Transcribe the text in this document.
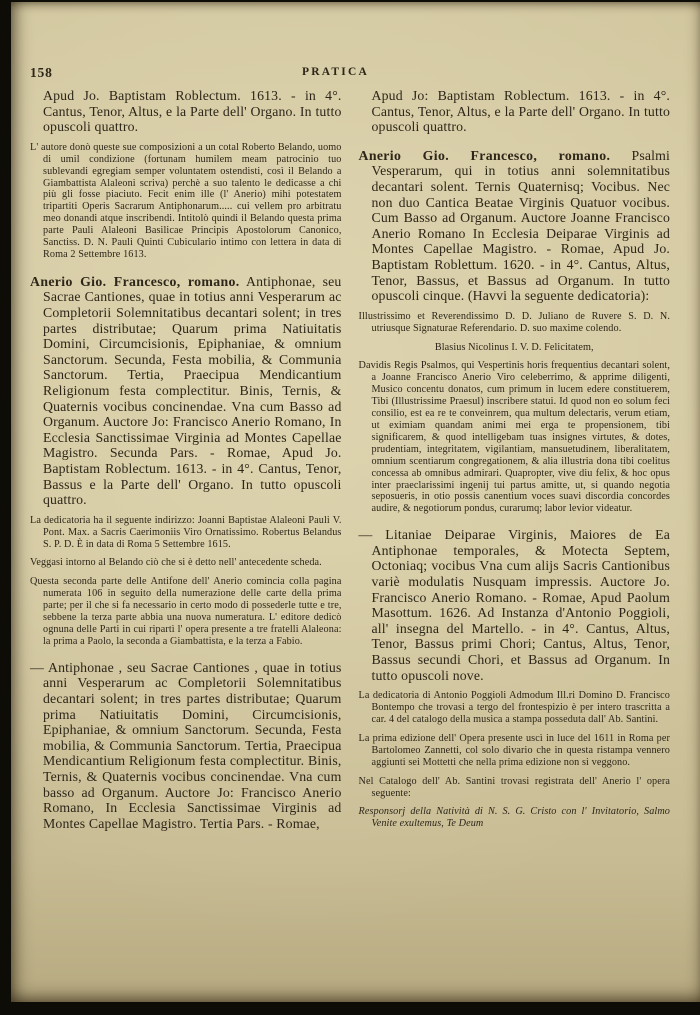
158	PRATICA

Apud Jo. Baptistam Roblectum. 1613. - in 4°. Cantus, Tenor, Altus, e la Parte dell' Organo. In tutto opuscoli quattro.

L' autore donò queste sue composizioni a un cotal Roberto Belando, uomo di umil condizione (fortunam humilem meam patrocinio tuo sublevandi egregiam semper voluntatem ostendisti, così il Belando a Giambattista Alaleoni scriva) perchè a suo talento le dedicasse a chi più gli fosse piaciuto. Fecit enim ille (l' Anerio) mihi potestatem tripartiti Operis Sacrarum Antiphonarum..... cui vellem pro arbitratu meo donandi atque inscribendi. Intitolò quindi il Belando questa prima parte Pauli Alaleoni Basilicae Principis Apostolorum Canonico, Sanctiss. D. N. Pauli Quinti Cubiculario intimo con lettera in data di Roma 2 Settembre 1613.

Anerio Gio. Francesco, romano. Antiphonae, seu Sacrae Cantiones, quae in totius anni Vesperarum ac Completorii Solemnitatibus decantari solent; in tres partes distributae; Quarum prima Natiuitatis Domini, Circumcisionis, Epiphaniae, & omnium Sanctorum. Secunda, Festa mobilia, & Communia Sanctorum. Tertia, Praecipua Mendicantium Religionum festa complectitur. Binis, Ternis, & Quaternis vocibus concinendae. Vna cum Basso ad Organum. Auctore Jo: Francisco Anerio Romano, In Ecclesia Sanctissimae Virginia ad Montes Capellae Magistro. Secunda Pars. - Romae, Apud Jo. Baptistam Roblectum. 1613. - in 4°. Cantus, Tenor, Bassus e la Parte dell' Organo. In tutto opuscoli quattro.

La dedicatoria ha il seguente indirizzo: Joanni Baptistae Alaleoni Pauli V. Pont. Max. a Sacris Caerimoniis Viro Ornatissimo. Robertus Belandus S. P. D. È in data di Roma 5 Settembre 1615.

Veggasi intorno al Belando ciò che si è detto nell' antecedente scheda.

Questa seconda parte delle Antifone dell' Anerio comincia colla pagina numerata 106 in seguito della numerazione delle carte della prima parte; per il che si fa necessario in certo modo di possederle tutte e tre, sebbene la terza parte abbia una nuova numeratura. L' editore dedicò ognuna delle Parti in cui ripartì l' opera presente a tre fratelli Alaleona: la prima a Paolo, la seconda a Giambattista, e la terza a Fabio.

— Antiphonae , seu Sacrae Cantiones , quae in totius anni Vesperarum ac Completorii Solemnitatibus decantari solent; in tres partes distributae; Quarum prima Natiuitatis Domini, Circumcisionis, Epiphaniae, & omnium Sanctorum. Secunda, Festa mobilia, & Communia Sanctorum. Tertia, Praecipua Mendicantium Religionum festa complectitur. Binis, Ternis, & Quaternis vocibus concinendae. Vna cum basso ad Organum. Auctore Jo: Francisco Anerio Romano, In Ecclesia Sanctissimae Virginis ad Montes Capellae Magistro. Tertia Pars. - Romae,

Apud Jo: Baptistam Roblectum. 1613. - in 4°. Cantus, Tenor, Altus, e la Parte dell' Organo. In tutto opuscoli quattro.

Anerio Gio. Francesco, romano. Psalmi Vesperarum, qui in totius anni solemnitatibus decantari solent. Ternis Quaternisq; Vocibus. Nec non duo Cantica Beatae Virginis Quatuor vocibus. Cum Basso ad Organum. Auctore Joanne Francisco Anerio Romano In Ecclesia Deiparae Virginis ad Montes Capellae Magistro. - Romae, Apud Jo. Baptistam Roblettum. 1620. - in 4°. Cantus, Altus, Tenor, Bassus, et Bassus ad Organum. In tutto opuscoli cinque. (Havvi la seguente dedicatoria):

Illustrissimo et Reverendissimo D. D. Juliano de Ruvere S. D. N. utriusque Signaturae Referendario. D. suo maxime colendo.

Blasius Nicolinus I. V. D. Felicitatem,

Davidis Regis Psalmos, qui Vespertinis horis frequentius decantari solent, a Joanne Francisco Anerio Viro celeberrimo, & apprime diligenti, Musico concentu donatos, cum primum in lucem edere constituerem, Tibi (Illustrissime Praesul) inscribere statui. Id quod non eo solum feci consilio, est ea re te conveinrem, qua multum delectaris, verum etiam, ut eximiam quandam animi mei erga te propensionem, tibi significarem, & quod intelligebam tuas insignes virtutes, & dotes, prudentiam, integritatem, vigilantiam, mansuetudinem, liberalitatem, omnium scentiarum congregationem, & alia illustria dona tibi coelitus concessa ab omnibus admirari. Quapropter, vive diu felix, & hoc opus inter praeclarissimi ingenij tui partus amitte, ut, si quando negotia seposueris, in otio possis canentium voces suavi discordia concordes audire, & negotiorum pondus, curarumq; labor levior videatur.

— Litaniae Deiparae Virginis, Maiores de Ea Antiphonae temporales, & Motecta Septem, Octoniaq; vocibus Vna cum alijs Sacris Cantionibus variè modulatis Nusquam impressis. Auctore Jo. Francisco Anerio Romano. - Romae, Apud Paolum Masottum. 1626. Ad Instanza d'Antonio Poggioli, all' insegna del Martello. - in 4°. Cantus, Altus, Tenor, Bassus primi Chori; Cantus, Altus, Tenor, Bassus secundi Chori, et Bassus ad Organum. In tutto opuscoli nove.

La dedicatoria di Antonio Poggioli Admodum Ill.ri Domino D. Francisco Bontempo che trovasi a tergo del frontespizio è per intero trascritta a car. 4 del catalogo della musica a stampa posseduta dall' Ab. Santini.

La prima edizione dell' Opera presente uscì in luce del 1611 in Roma per Bartolomeo Zannetti, col solo divario che in questa ristampa vennero aggiunti sei Mottetti che nella prima edizione non si veggono.

Nel Catalogo dell' Ab. Santini trovasi registrata dell' Anerio l' opera seguente:

Responsorj della Natività di N. S. G. Cristo con l' Invitatorio, Salmo Venite exultemus, Te Deum
